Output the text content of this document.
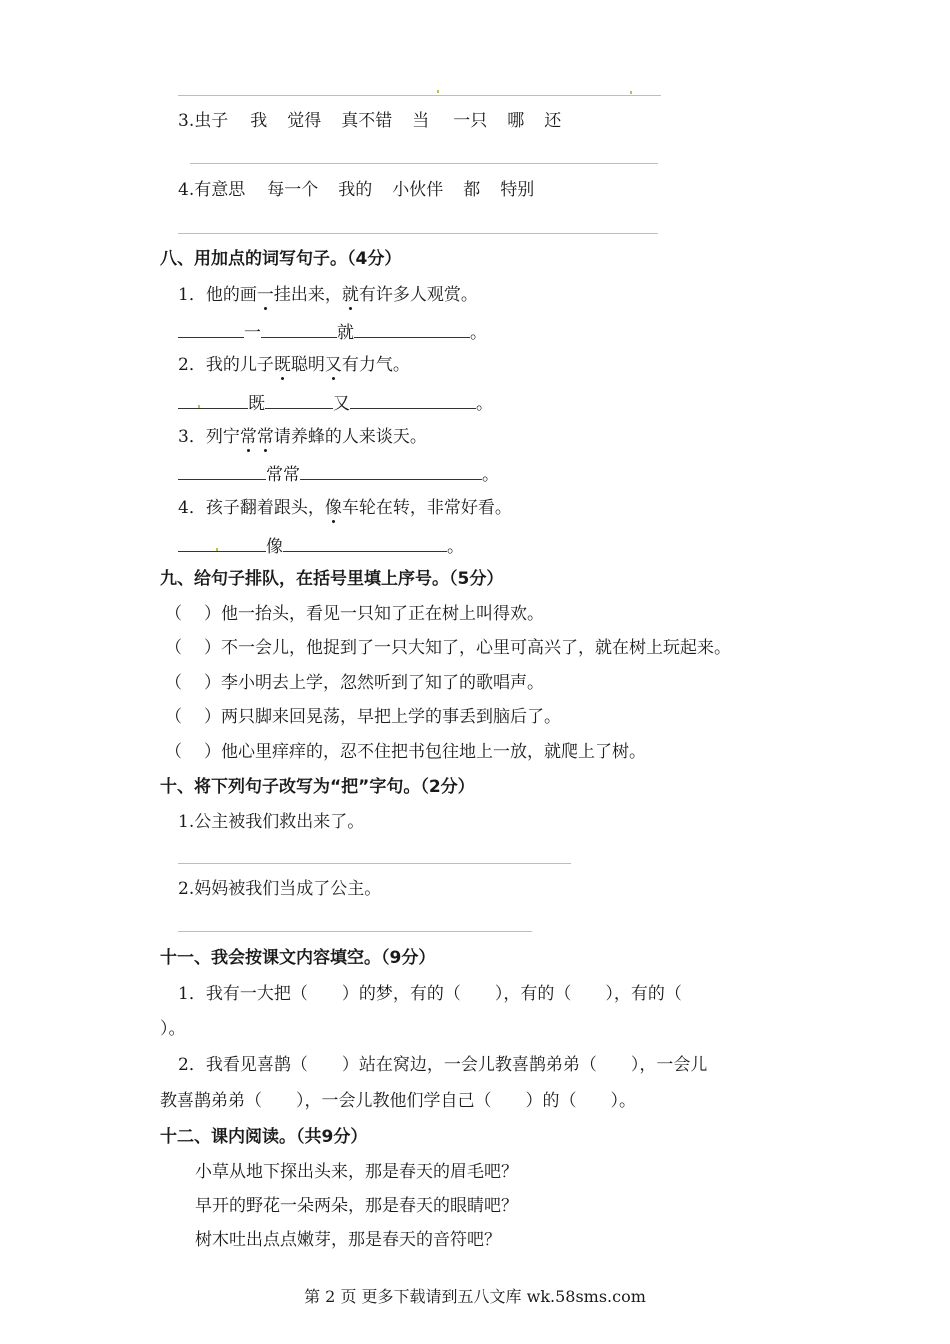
3.虫子 我 觉得 真不错 当 一只 哪 还
4.有意思 每一个 我的 小伙伴 都 特别
八、用加点的词写句子。（4分）
1．他的画一挂出来，就有许多人观赏。
一	就	。
2．我的儿子既聪明又有力气。
既	又	。
3．列宁常常请养蜂的人来谈天。
常常	。
4．孩子翻着跟头，像车轮在转，非常好看。
像	。
九、给句子排队，在括号里填上序号。（5分）
（ ）他一抬头，看见一只知了正在树上叫得欢。
（ ）不一会儿，他捉到了一只大知了，心里可高兴了，就在树上玩起来。
（ ）李小明去上学，忽然听到了知了的歌唱声。
（ ）两只脚来回晃荡，早把上学的事丢到脑后了。
（ ）他心里痒痒的，忍不住把书包往地上一放，就爬上了树。
十、将下列句子改写为“把”字句。（2分）
1.公主被我们救出来了。
2.妈妈被我们当成了公主。
十一、我会按课文内容填空。（9分）
1．我有一大把（　　）的梦，有的（　　），有的（　　），有的（
）。
2．我看见喜鹊（　　）站在窝边，一会儿教喜鹊弟弟（　　），一会儿
教喜鹊弟弟（　　），一会儿教他们学自己（　　）的（　　）。
十二、课内阅读。（共9分）
小草从地下探出头来，那是春天的眉毛吧？
早开的野花一朵两朵，那是春天的眼睛吧？
树木吐出点点嫩芽，那是春天的音符吧？
第 2 页 更多下载请到五八文库 wk.58sms.com
